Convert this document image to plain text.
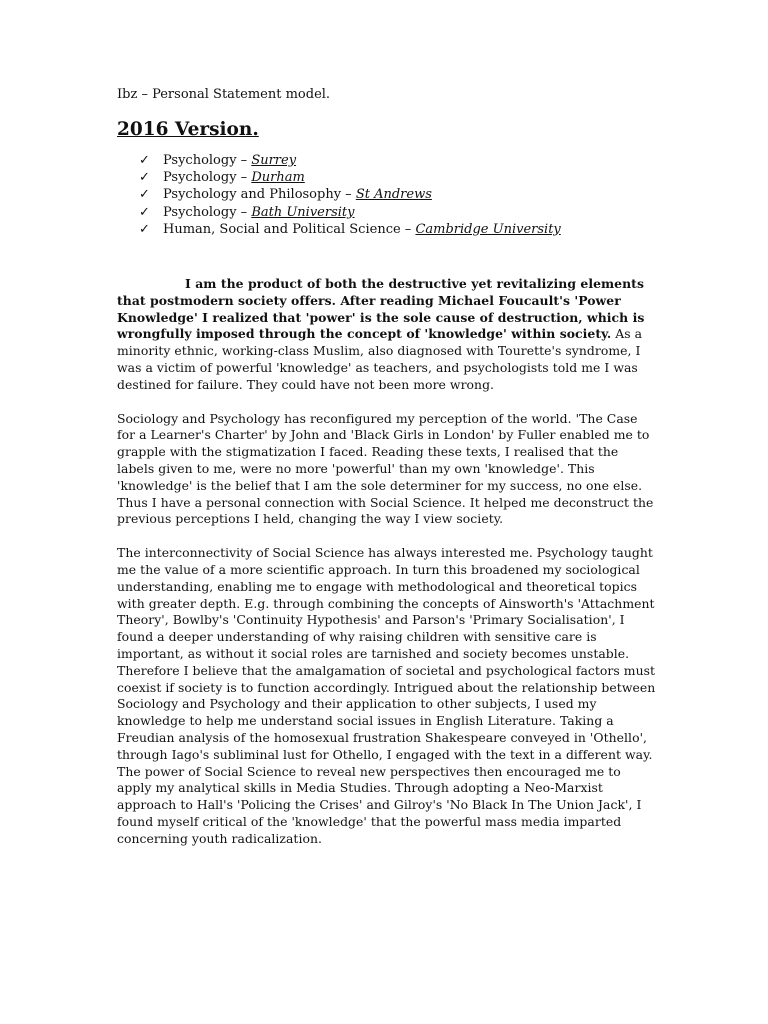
Ibz – Personal Statement model.

2016 Version.
✓ Psychology – Surrey
✓ Psychology – Durham
✓ Psychology and Philosophy – St Andrews
✓ Psychology – Bath University
✓ Human, Social and Political Science – Cambridge University

I am the product of both the destructive yet revitalizing elements that postmodern society offers. After reading Michael Foucault's 'Power Knowledge' I realized that 'power' is the sole cause of destruction, which is wrongfully imposed through the concept of 'knowledge' within society. As a minority ethnic, working-class Muslim, also diagnosed with Tourette's syndrome, I was a victim of powerful 'knowledge' as teachers, and psychologists told me I was destined for failure. They could have not been more wrong.

Sociology and Psychology has reconfigured my perception of the world. 'The Case for a Learner's Charter' by John and 'Black Girls in London' by Fuller enabled me to grapple with the stigmatization I faced. Reading these texts, I realised that the labels given to me, were no more 'powerful' than my own 'knowledge'. This 'knowledge' is the belief that I am the sole determiner for my success, no one else. Thus I have a personal connection with Social Science. It helped me deconstruct the previous perceptions I held, changing the way I view society.

The interconnectivity of Social Science has always interested me. Psychology taught me the value of a more scientific approach. In turn this broadened my sociological understanding, enabling me to engage with methodological and theoretical topics with greater depth. E.g. through combining the concepts of Ainsworth's 'Attachment Theory', Bowlby's 'Continuity Hypothesis' and Parson's 'Primary Socialisation', I found a deeper understanding of why raising children with sensitive care is important, as without it social roles are tarnished and society becomes unstable. Therefore I believe that the amalgamation of societal and psychological factors must coexist if society is to function accordingly. Intrigued about the relationship between Sociology and Psychology and their application to other subjects, I used my knowledge to help me understand social issues in English Literature. Taking a Freudian analysis of the homosexual frustration Shakespeare conveyed in 'Othello', through Iago's subliminal lust for Othello, I engaged with the text in a different way. The power of Social Science to reveal new perspectives then encouraged me to apply my analytical skills in Media Studies. Through adopting a Neo-Marxist approach to Hall's 'Policing the Crises' and Gilroy's 'No Black In The Union Jack', I found myself critical of the 'knowledge' that the powerful mass media imparted concerning youth radicalization.
